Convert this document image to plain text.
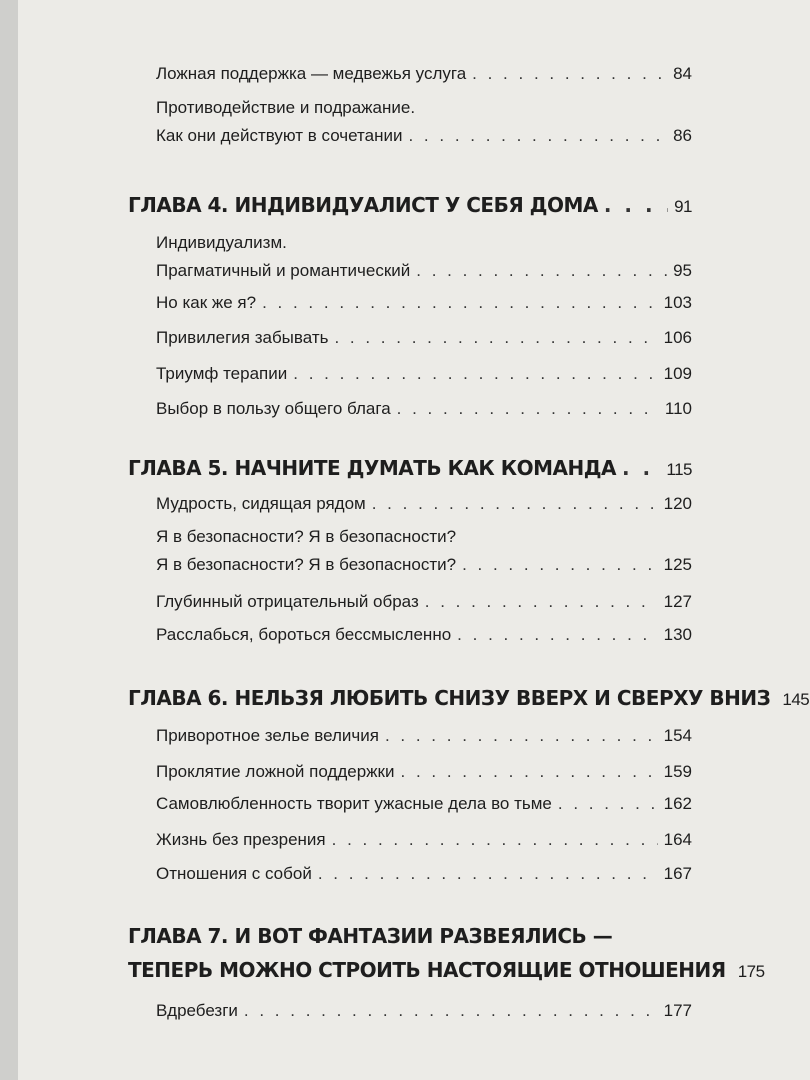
Ложная поддержка — медвежья услуга . . .	84
Противодействие и подражание.
Как они действуют в сочетании . . .	86
ГЛАВА 4. ИНДИВИДУАЛИСТ У СЕБЯ ДОМА . . .	91
Индивидуализм.
Прагматичный и романтический . . .	95
Но как же я? . . .	103
Привилегия забывать . . .	106
Триумф терапии . . .	109
Выбор в пользу общего блага . . .	110
ГЛАВА 5. НАЧНИТЕ ДУМАТЬ КАК КОМАНДА . . .	115
Мудрость, сидящая рядом . . .	120
Я в безопасности? Я в безопасности?
Я в безопасности? Я в безопасности? . . .	125
Глубинный отрицательный образ . . .	127
Расслабься, бороться бессмысленно . . .	130
ГЛАВА 6. НЕЛЬЗЯ ЛЮБИТЬ СНИЗУ ВВЕРХ И СВЕРХУ ВНИЗ 145
Приворотное зелье величия . . .	154
Проклятие ложной поддержки . . .	159
Самовлюбленность творит ужасные дела во тьме . . .	162
Жизнь без презрения . . .	164
Отношения с собой . . .	167
ГЛАВА 7. И ВОТ ФАНТАЗИИ РАЗВЕЯЛИСЬ —
ТЕПЕРЬ МОЖНО СТРОИТЬ НАСТОЯЩИЕ ОТНОШЕНИЯ 175
Вдребезги . . .	177
